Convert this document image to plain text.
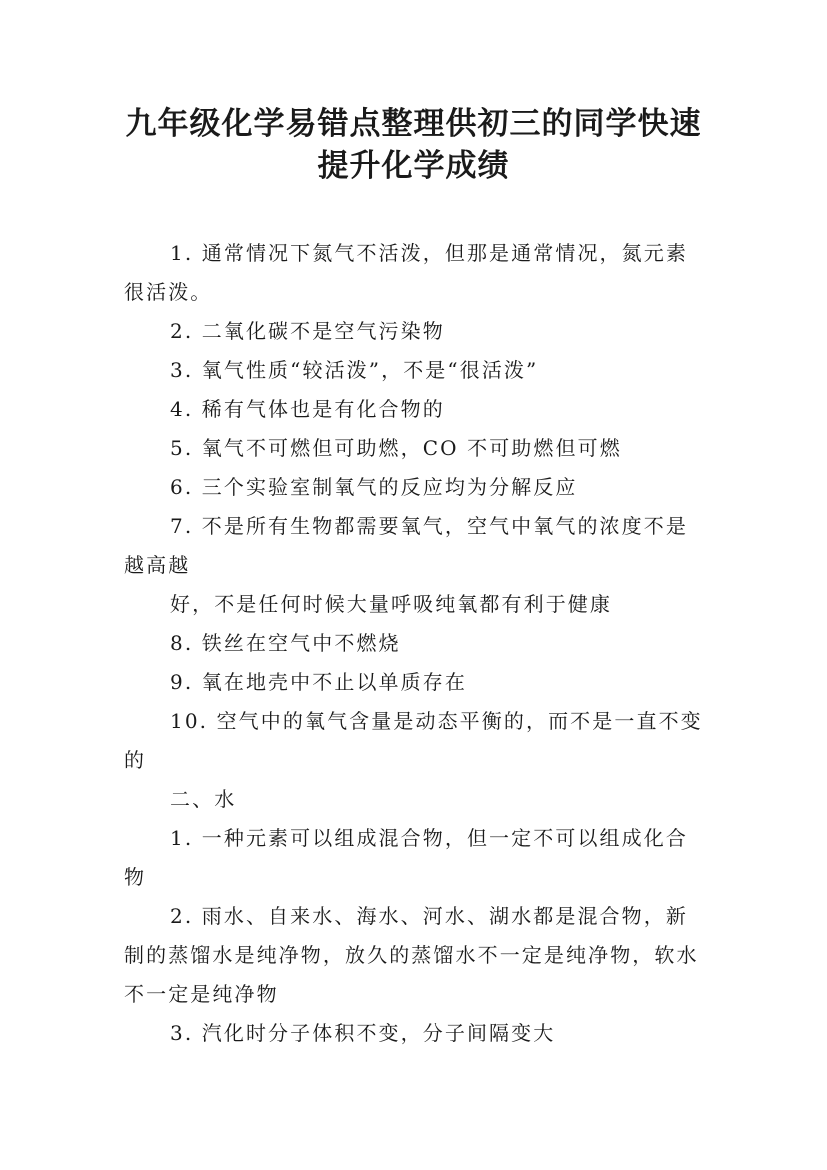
九年级化学易错点整理供初三的同学快速
提升化学成绩

1. 通常情况下氮气不活泼，但那是通常情况，氮元素

很活泼。

2. 二氧化碳不是空气污染物

3. 氧气性质“较活泼”，不是“很活泼”

4. 稀有气体也是有化合物的

5. 氧气不可燃但可助燃，CO 不可助燃但可燃

6. 三个实验室制氧气的反应均为分解反应

7. 不是所有生物都需要氧气，空气中氧气的浓度不是

越高越

好，不是任何时候大量呼吸纯氧都有利于健康

8. 铁丝在空气中不燃烧

9. 氧在地壳中不止以单质存在

10. 空气中的氧气含量是动态平衡的，而不是一直不变

的

二、水

1. 一种元素可以组成混合物，但一定不可以组成化合

物

2. 雨水、自来水、海水、河水、湖水都是混合物，新

制的蒸馏水是纯净物，放久的蒸馏水不一定是纯净物，软水

不一定是纯净物

3. 汽化时分子体积不变，分子间隔变大
